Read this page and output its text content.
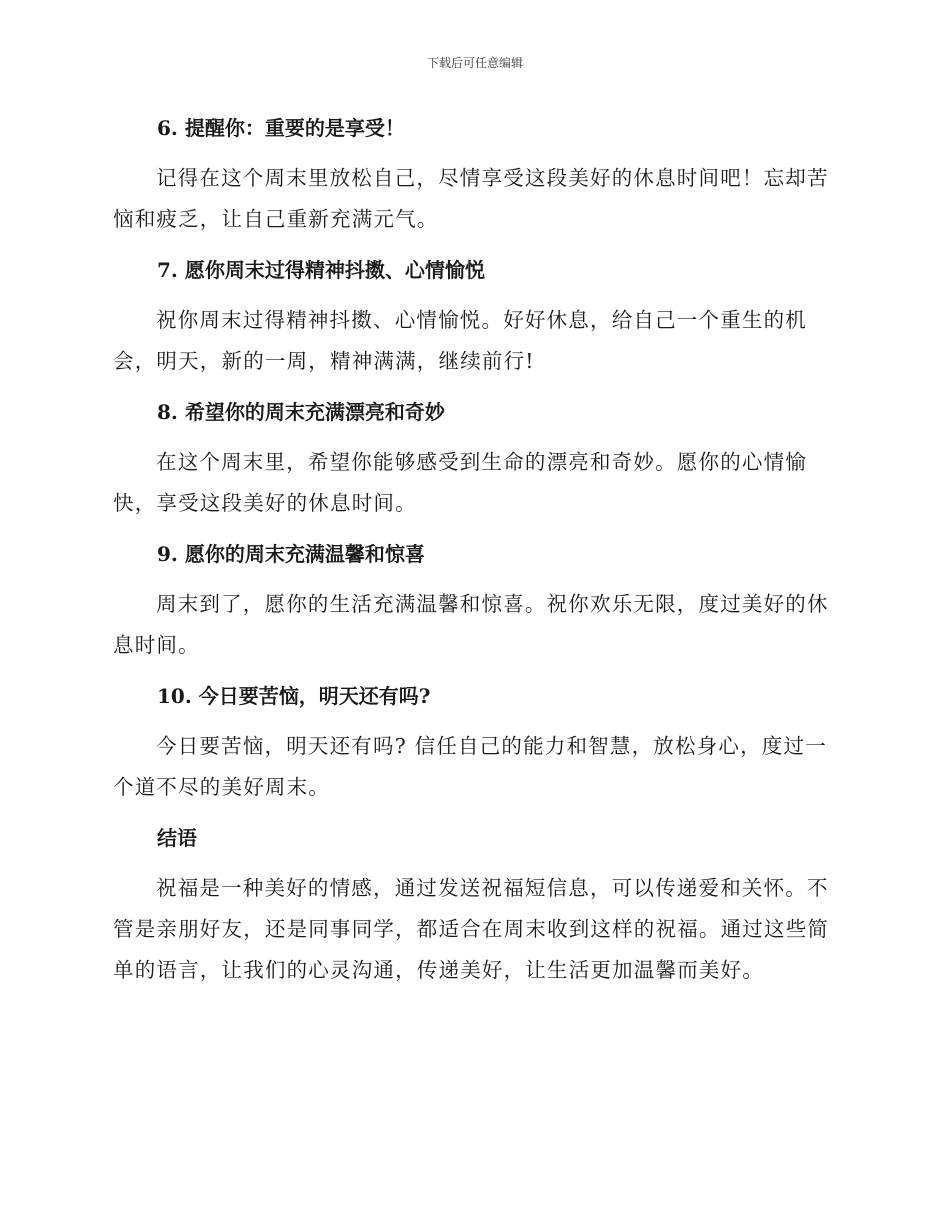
下载后可任意编辑
6. 提醒你：重要的是享受！
记得在这个周末里放松自己，尽情享受这段美好的休息时间吧！忘却苦
恼和疲乏，让自己重新充满元气。
7. 愿你周末过得精神抖擞、心情愉悦
祝你周末过得精神抖擞、心情愉悦。好好休息，给自己一个重生的机
会，明天，新的一周，精神满满，继续前行!
8. 希望你的周末充满漂亮和奇妙
在这个周末里，希望你能够感受到生命的漂亮和奇妙。愿你的心情愉
快，享受这段美好的休息时间。
9. 愿你的周末充满温馨和惊喜
周末到了，愿你的生活充满温馨和惊喜。祝你欢乐无限，度过美好的休
息时间。
10. 今日要苦恼，明天还有吗?
今日要苦恼，明天还有吗? 信任自己的能力和智慧，放松身心，度过一
个道不尽的美好周末。
结语
祝福是一种美好的情感，通过发送祝福短信息，可以传递爱和关怀。不
管是亲朋好友，还是同事同学，都适合在周末收到这样的祝福。通过这些简
单的语言，让我们的心灵沟通，传递美好，让生活更加温馨而美好。
